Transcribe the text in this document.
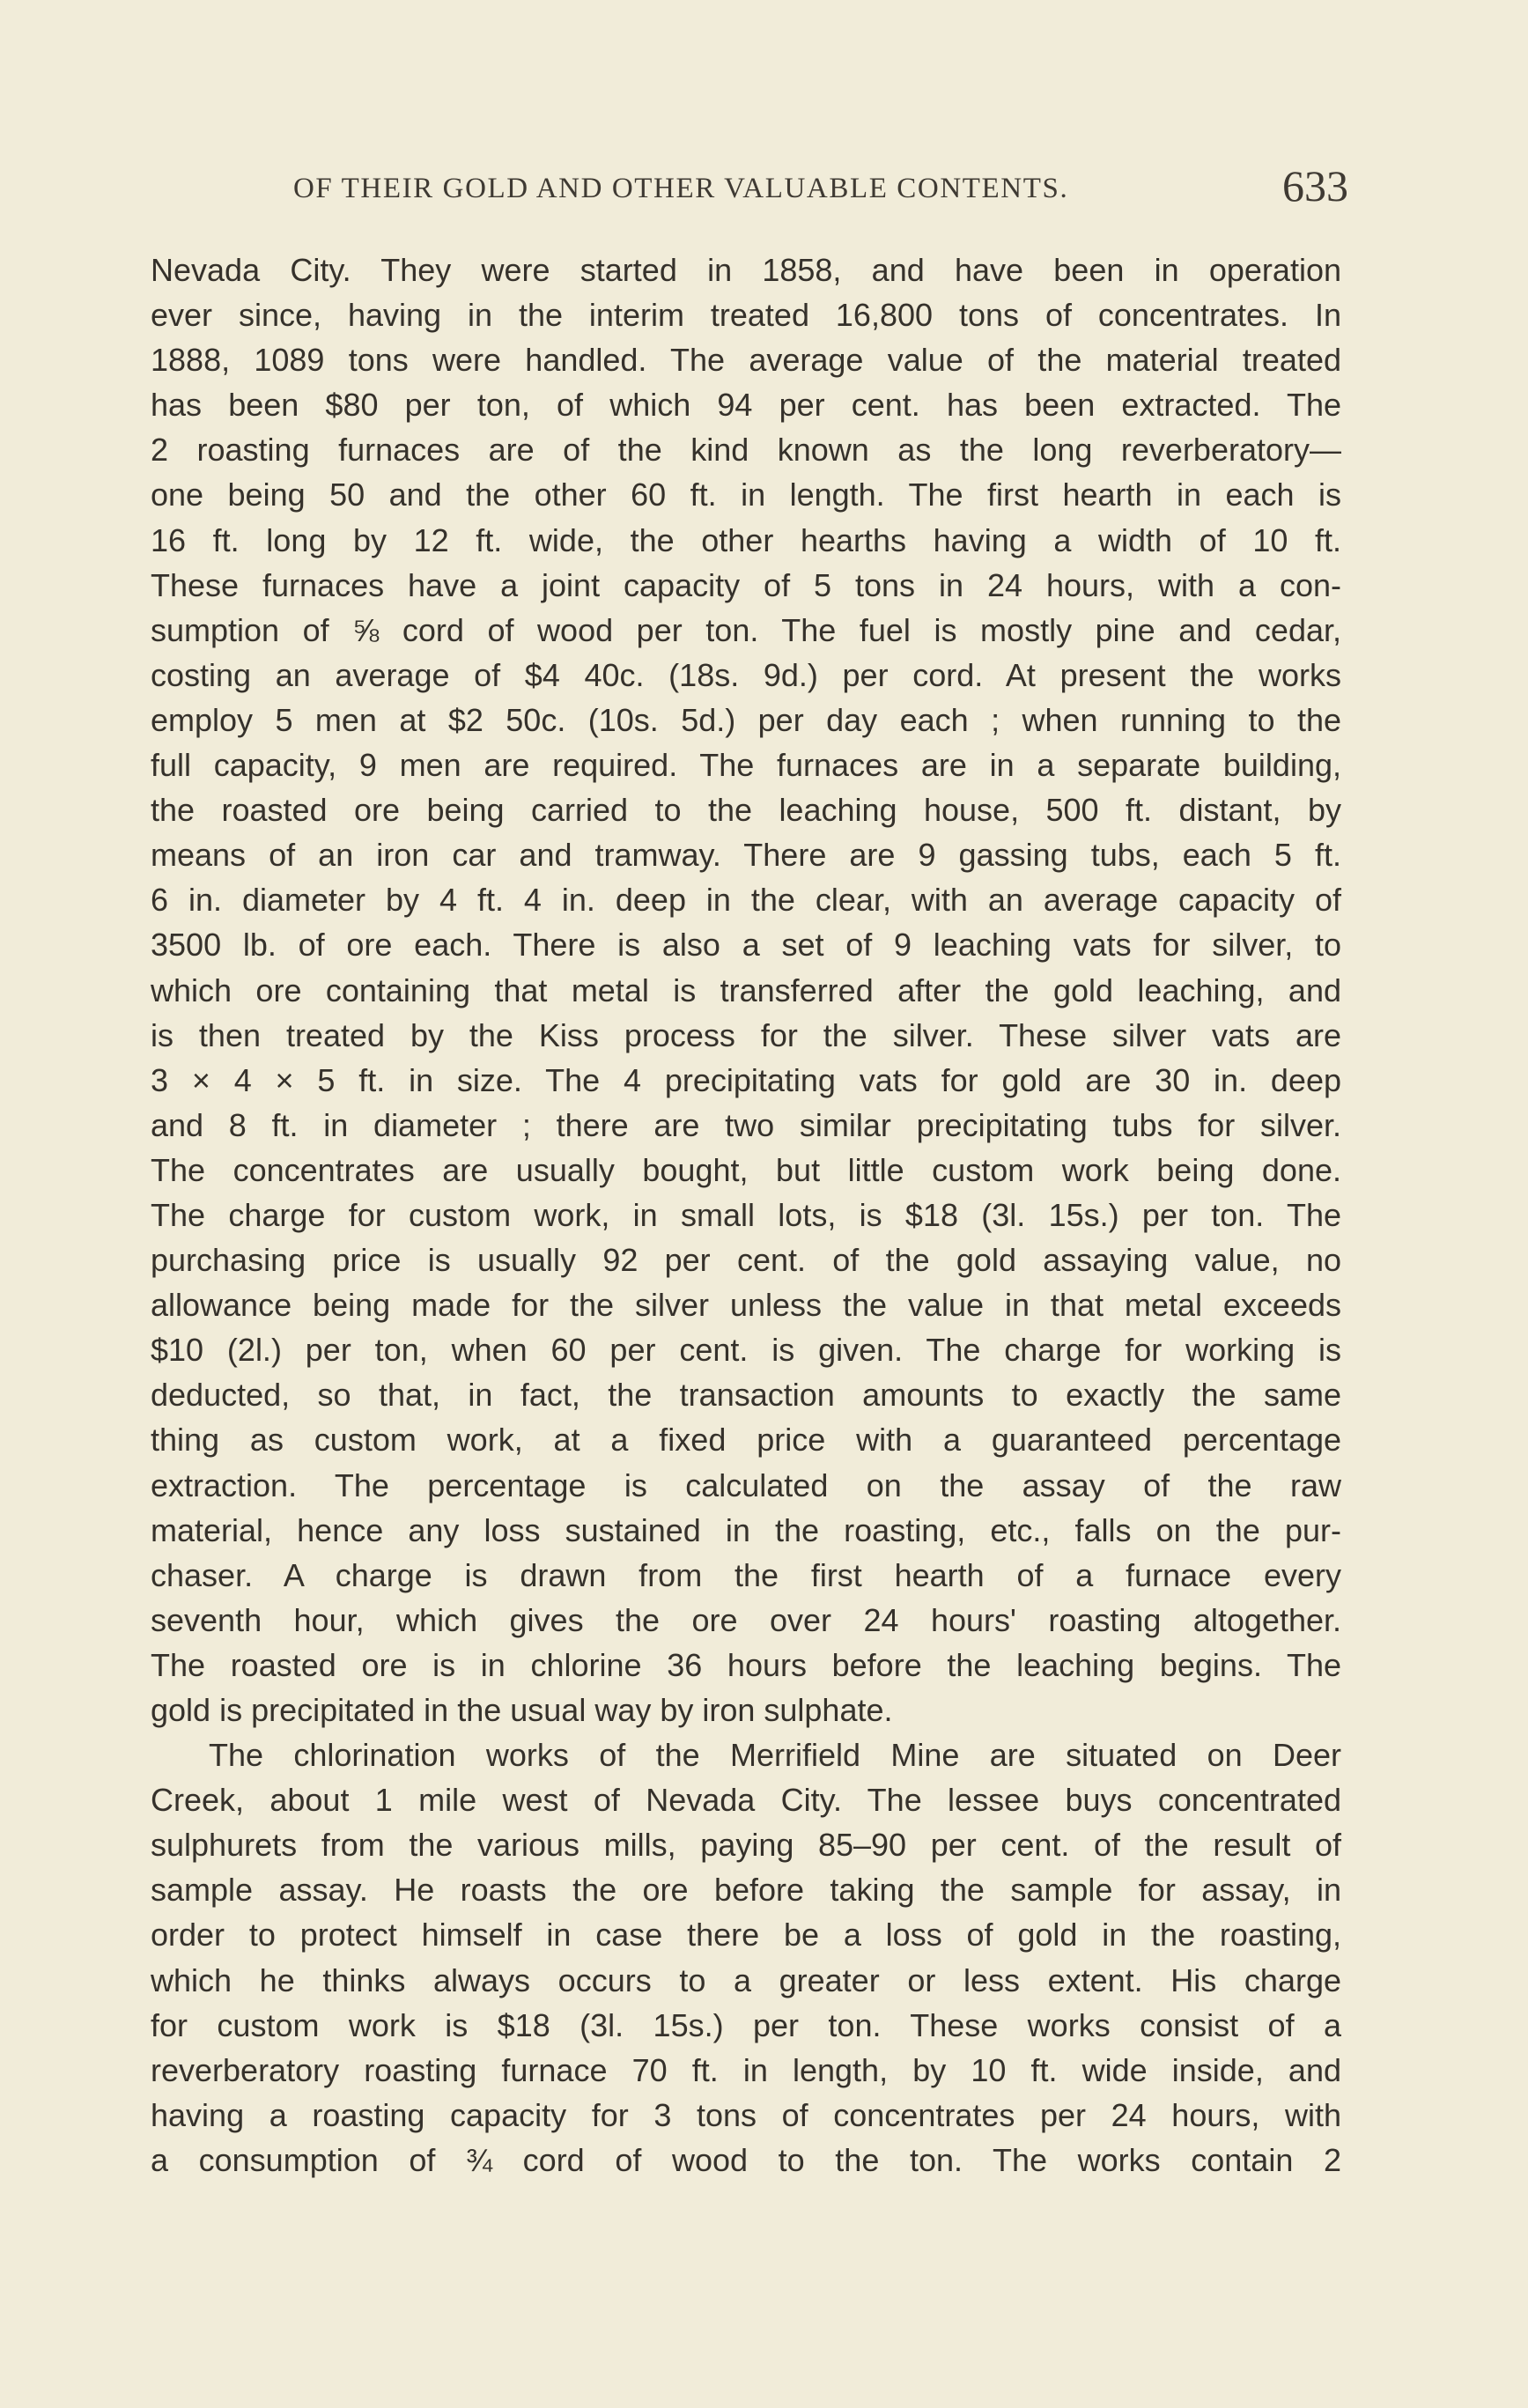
OF THEIR GOLD AND OTHER VALUABLE CONTENTS.	633
Nevada City. They were started in 1858, and have been in operation
ever since, having in the interim treated 16,800 tons of concentrates. In
1888, 1089 tons were handled. The average value of the material treated
has been $80 per ton, of which 94 per cent. has been extracted. The
2 roasting furnaces are of the kind known as the long reverberatory—
one being 50 and the other 60 ft. in length. The first hearth in each is
16 ft. long by 12 ft. wide, the other hearths having a width of 10 ft.
These furnaces have a joint capacity of 5 tons in 24 hours, with a con-
sumption of ⅝ cord of wood per ton. The fuel is mostly pine and cedar,
costing an average of $4 40c. (18s. 9d.) per cord. At present the works
employ 5 men at $2 50c. (10s. 5d.) per day each ; when running to the
full capacity, 9 men are required. The furnaces are in a separate building,
the roasted ore being carried to the leaching house, 500 ft. distant, by
means of an iron car and tramway. There are 9 gassing tubs, each 5 ft.
6 in. diameter by 4 ft. 4 in. deep in the clear, with an average capacity of
3500 lb. of ore each. There is also a set of 9 leaching vats for silver, to
which ore containing that metal is transferred after the gold leaching, and
is then treated by the Kiss process for the silver. These silver vats are
3 × 4 × 5 ft. in size. The 4 precipitating vats for gold are 30 in. deep
and 8 ft. in diameter ; there are two similar precipitating tubs for silver.
The concentrates are usually bought, but little custom work being done.
The charge for custom work, in small lots, is $18 (3l. 15s.) per ton. The
purchasing price is usually 92 per cent. of the gold assaying value, no
allowance being made for the silver unless the value in that metal exceeds
$10 (2l.) per ton, when 60 per cent. is given. The charge for working is
deducted, so that, in fact, the transaction amounts to exactly the same
thing as custom work, at a fixed price with a guaranteed percentage
extraction. The percentage is calculated on the assay of the raw
material, hence any loss sustained in the roasting, etc., falls on the pur-
chaser. A charge is drawn from the first hearth of a furnace every
seventh hour, which gives the ore over 24 hours' roasting altogether.
The roasted ore is in chlorine 36 hours before the leaching begins. The
gold is precipitated in the usual way by iron sulphate.
The chlorination works of the Merrifield Mine are situated on Deer
Creek, about 1 mile west of Nevada City. The lessee buys concentrated
sulphurets from the various mills, paying 85–90 per cent. of the result of
sample assay. He roasts the ore before taking the sample for assay, in
order to protect himself in case there be a loss of gold in the roasting,
which he thinks always occurs to a greater or less extent. His charge
for custom work is $18 (3l. 15s.) per ton. These works consist of a
reverberatory roasting furnace 70 ft. in length, by 10 ft. wide inside, and
having a roasting capacity for 3 tons of concentrates per 24 hours, with
a consumption of ¾ cord of wood to the ton. The works contain 2
